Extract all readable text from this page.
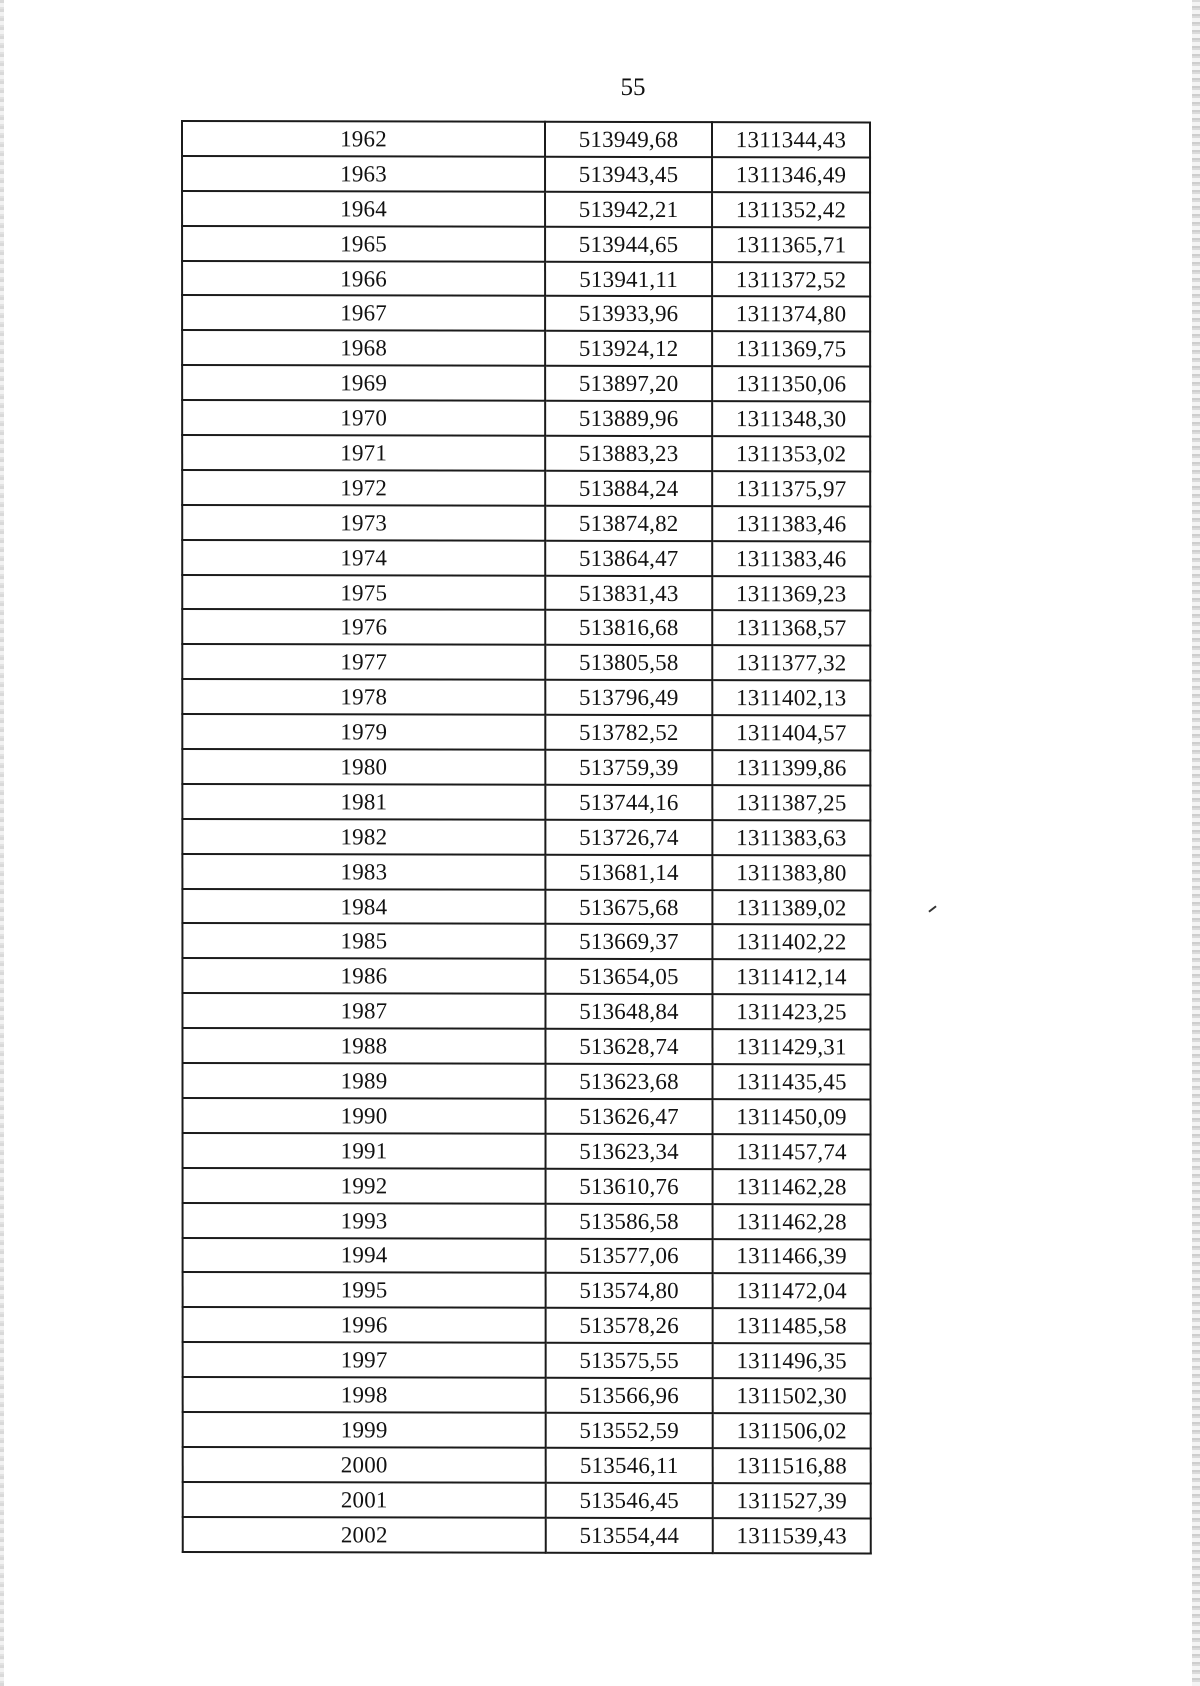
55
1962	513949,68	1311344,43
1963	513943,45	1311346,49
1964	513942,21	1311352,42
1965	513944,65	1311365,71
1966	513941,11	1311372,52
1967	513933,96	1311374,80
1968	513924,12	1311369,75
1969	513897,20	1311350,06
1970	513889,96	1311348,30
1971	513883,23	1311353,02
1972	513884,24	1311375,97
1973	513874,82	1311383,46
1974	513864,47	1311383,46
1975	513831,43	1311369,23
1976	513816,68	1311368,57
1977	513805,58	1311377,32
1978	513796,49	1311402,13
1979	513782,52	1311404,57
1980	513759,39	1311399,86
1981	513744,16	1311387,25
1982	513726,74	1311383,63
1983	513681,14	1311383,80
1984	513675,68	1311389,02
1985	513669,37	1311402,22
1986	513654,05	1311412,14
1987	513648,84	1311423,25
1988	513628,74	1311429,31
1989	513623,68	1311435,45
1990	513626,47	1311450,09
1991	513623,34	1311457,74
1992	513610,76	1311462,28
1993	513586,58	1311462,28
1994	513577,06	1311466,39
1995	513574,80	1311472,04
1996	513578,26	1311485,58
1997	513575,55	1311496,35
1998	513566,96	1311502,30
1999	513552,59	1311506,02
2000	513546,11	1311516,88
2001	513546,45	1311527,39
2002	513554,44	1311539,43
